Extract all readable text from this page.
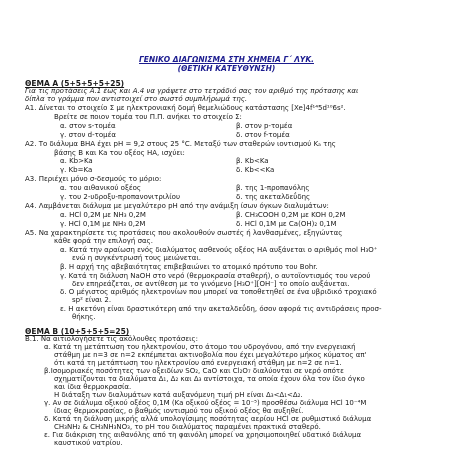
ΓΕΝΙΚΟ ΔΙΑΓΩΝΙΣΜΑ ΣΤΗ ΧΗΜΕΙΑ Γ΄ ΛΥΚ.
(ΘΕΤΙΚΗ ΚΑΤΕΥΘΥΝΣΗ)
ΘΕΜΑ Α (5+5+5+5+25)
Για τις προτάσεις Α.1 έως και Α.4 να γράψετε στο τετράδιό σας τον αριθμό της πρότασης και
δίπλα το γράμμα που αντιστοιχεί στο σωστό συμπλήρωμά της.
Α1. Δίνεται το στοιχείο Σ με ηλεκτρονιακή δομή θεμελιώδους κατάστασης [Xe]4f¹⁴5d¹⁰6s².
Βρείτε σε ποιον τομέα του Π.Π. ανήκει το στοιχείο Σ:
α. στον s-τομέα	β. στον p-τομέα
γ. στον d-τομέα	δ. στον f-τομέα
Α2. Το διάλυμα ΒΗΑ έχει pH = 9,2 στους 25 °C. Μεταξύ των σταθερών ιοντισμού Kₐ της
βάσης Β και Ka του οξέος ΗΑ, ισχύει:
α. Kb>Ka	β. Kb<Ka
γ. Kb=Ka	δ. Kb<<Ka
Α3. Περιέχει μόνο σ-δεσμούς το μόριο:
α. του αιθανικού οξέος	β. της 1-προπανόλης
γ. του 2-υδροξυ-προπανονιτριλίου	δ. της ακεταλδεΰδης
Α4. Λαμβάνεται διάλυμα με μεγαλύτερο pH από την ανάμιξη ίσων όγκων διαλυμάτων:
α. HCl 0,2M με NH₃ 0,2M	β. CH₃COOH 0,2M με KOH 0,2M
γ. HCl 0,1M με NH₃ 0,2M	δ. HCl 0,1M με Ca(OH)₂ 0,1M
Α5. Να χαρακτηρίσετε τις προτάσεις που ακολουθούν σωστές ή λανθασμένες, εξηγώντας
κάθε φορά την επιλογή σας.
α. Κατά την αραίωση ενός διαλύματος ασθενούς οξέος ΗΑ αυξάνεται ο αριθμός mol H₃O⁺
ενώ η συγκέντρωσή τους μειώνεται.
β. Η αρχή της αβεβαιότητας επιβεβαιώνει το ατομικό πρότυπο του Bohr.
γ. Κατά τη διάλυση NaOH στο νερό (θερμοκρασία σταθερή), ο αυτοϊοντισμός του νερού
δεν επηρεάζεται, σε αντίθεση με το γινόμενο [H₃O⁺][OH⁻] το οποίο αυξάνεται.
δ. Ο μέγιστος αριθμός ηλεκτρονίων που μπορεί να τοποθετηθεί σε ένα υβριδικό τροχιακό
sp² είναι 2.
ε. Η ακετόνη είναι δραστικότερη από την ακεταλδεΰδη, όσον αφορά τις αντιδράσεις προσ-
θήκης.
ΘΕΜΑ Β (10+5+5+5=25)
Β.1. Να αιτιολογήσετε τις ακόλουθες προτάσεις:
α. Κατά τη μετάπτωση του ηλεκτρονίου, στο άτομο του υδρογόνου, από την ενεργειακή
στάθμη με n=3 σε n=2 εκπέμπεται ακτινοβολία που έχει μεγαλύτερο μήκος κύματος απ'
ότι κατά τη μετάπτωση του ηλεκτρονίου από ενεργειακή στάθμη με n=2 σε n=1.
β.Ισομοριακές ποσότητες των οξειδίων SO₂, CaO και Cl₂O₇ διαλύονται σε νερό οπότε
σχηματίζονται τα διαλύματα Δ₁, Δ₂ και Δ₃ αντίστοιχα, τα οποία έχουν όλα τον ίδιο όγκο
και ίδια θερμοκρασία.
Η διάταξη των διαλυμάτων κατά αυξανόμενη τιμή pH είναι Δ₃<Δ₁<Δ₂.
γ. Αν σε διάλυμα οξικού οξέος 0,1M (Ka οξικού οξέος = 10⁻⁵) προσθέσω διάλυμα HCl 10⁻⁴M
ίδιας θερμοκρασίας, ο βαθμός ιοντισμού του οξικού οξέος θα αυξηθεί.
δ. Κατά τη διάλυση μικρής αλλά υπολογίσιμης ποσότητας αερίου HCl σε ρυθμιστικό διάλυμα
CH₃NH₂ & CH₃NH₃NO₃, το pH του διαλύματος παραμένει πρακτικά σταθερό.
ε. Για διάκριση της αιθανόλης από τη φαινόλη μπορεί να χρησιμοποιηθεί υδατικό διάλυμα
καυστικού νατρίου.
